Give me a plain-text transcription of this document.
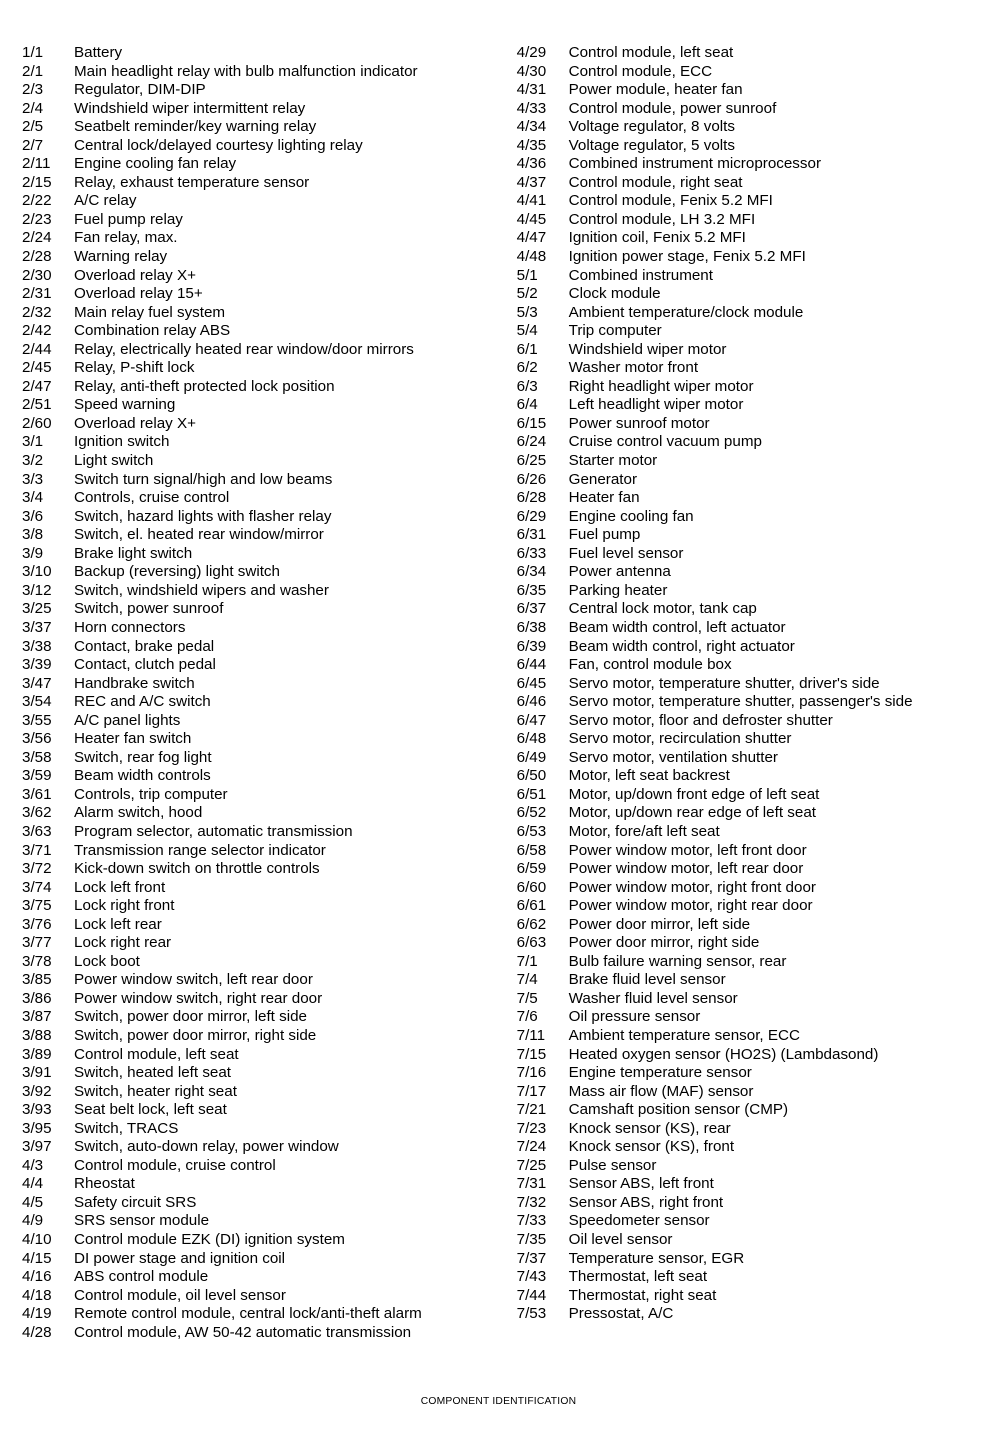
1/1	Battery
2/1	Main headlight relay with bulb malfunction indicator
2/3	Regulator, DIM-DIP
2/4	Windshield wiper intermittent relay
2/5	Seatbelt reminder/key warning relay
2/7	Central lock/delayed courtesy lighting relay
2/11	Engine cooling fan relay
2/15	Relay, exhaust temperature sensor
2/22	A/C relay
2/23	Fuel pump relay
2/24	Fan relay, max.
2/28	Warning relay
2/30	Overload relay X+
2/31	Overload relay 15+
2/32	Main relay fuel system
2/42	Combination relay ABS
2/44	Relay, electrically heated rear window/door mirrors
2/45	Relay, P-shift lock
2/47	Relay, anti-theft protected lock position
2/51	Speed warning
2/60	Overload relay X+
3/1	Ignition switch
3/2	Light switch
3/3	Switch turn signal/high and low beams
3/4	Controls, cruise control
3/6	Switch, hazard lights with flasher relay
3/8	Switch, el. heated rear window/mirror
3/9	Brake light switch
3/10	Backup (reversing) light switch
3/12	Switch, windshield wipers and washer
3/25	Switch, power sunroof
3/37	Horn connectors
3/38	Contact, brake pedal
3/39	Contact, clutch pedal
3/47	Handbrake switch
3/54	REC and A/C switch
3/55	A/C panel lights
3/56	Heater fan switch
3/58	Switch, rear fog light
3/59	Beam width controls
3/61	Controls, trip computer
3/62	Alarm switch, hood
3/63	Program selector, automatic transmission
3/71	Transmission range selector indicator
3/72	Kick-down switch on throttle controls
3/74	Lock left front
3/75	Lock right front
3/76	Lock left rear
3/77	Lock right rear
3/78	Lock boot
3/85	Power window switch, left rear door
3/86	Power window switch, right rear door
3/87	Switch, power door mirror, left side
3/88	Switch, power door mirror, right side
3/89	Control module, left seat
3/91	Switch, heated left seat
3/92	Switch, heater right seat
3/93	Seat belt lock, left seat
3/95	Switch, TRACS
3/97	Switch, auto-down relay, power window
4/3	Control module, cruise control
4/4	Rheostat
4/5	Safety circuit SRS
4/9	SRS sensor module
4/10	Control module EZK (DI) ignition system
4/15	DI power stage and ignition coil
4/16	ABS control module
4/18	Control module, oil level sensor
4/19	Remote control module, central lock/anti-theft alarm
4/28	Control module, AW 50-42 automatic transmission
4/29	Control module, left seat
4/30	Control module, ECC
4/31	Power module, heater fan
4/33	Control module, power sunroof
4/34	Voltage regulator, 8 volts
4/35	Voltage regulator, 5 volts
4/36	Combined instrument microprocessor
4/37	Control module, right seat
4/41	Control module, Fenix 5.2 MFI
4/45	Control module, LH 3.2 MFI
4/47	Ignition coil, Fenix 5.2 MFI
4/48	Ignition power stage, Fenix 5.2 MFI
5/1	Combined instrument
5/2	Clock module
5/3	Ambient temperature/clock module
5/4	Trip computer
6/1	Windshield wiper motor
6/2	Washer motor front
6/3	Right headlight wiper motor
6/4	Left headlight wiper motor
6/15	Power sunroof motor
6/24	Cruise control vacuum pump
6/25	Starter motor
6/26	Generator
6/28	Heater fan
6/29	Engine cooling fan
6/31	Fuel pump
6/33	Fuel level sensor
6/34	Power antenna
6/35	Parking heater
6/37	Central lock motor, tank cap
6/38	Beam width control, left actuator
6/39	Beam width control, right actuator
6/44	Fan, control module box
6/45	Servo motor, temperature shutter, driver's side
6/46	Servo motor, temperature shutter, passenger's side
6/47	Servo motor, floor and defroster shutter
6/48	Servo motor, recirculation shutter
6/49	Servo motor, ventilation shutter
6/50	Motor, left seat backrest
6/51	Motor, up/down front edge of left seat
6/52	Motor, up/down rear edge of left seat
6/53	Motor, fore/aft left seat
6/58	Power window motor, left front door
6/59	Power window motor, left rear door
6/60	Power window motor, right front door
6/61	Power window motor, right rear door
6/62	Power door mirror, left side
6/63	Power door mirror, right side
7/1	Bulb failure warning sensor, rear
7/4	Brake fluid level sensor
7/5	Washer fluid level sensor
7/6	Oil pressure sensor
7/11	Ambient temperature sensor, ECC
7/15	Heated oxygen sensor (HO2S) (Lambdasond)
7/16	Engine temperature sensor
7/17	Mass air flow (MAF) sensor
7/21	Camshaft position sensor (CMP)
7/23	Knock sensor (KS), rear
7/24	Knock sensor (KS), front
7/25	Pulse sensor
7/31	Sensor ABS, left front
7/32	Sensor ABS, right front
7/33	Speedometer sensor
7/35	Oil level sensor
7/37	Temperature sensor, EGR
7/43	Thermostat, left seat
7/44	Thermostat, right seat
7/53	Pressostat, A/C
COMPONENT IDENTIFICATION
